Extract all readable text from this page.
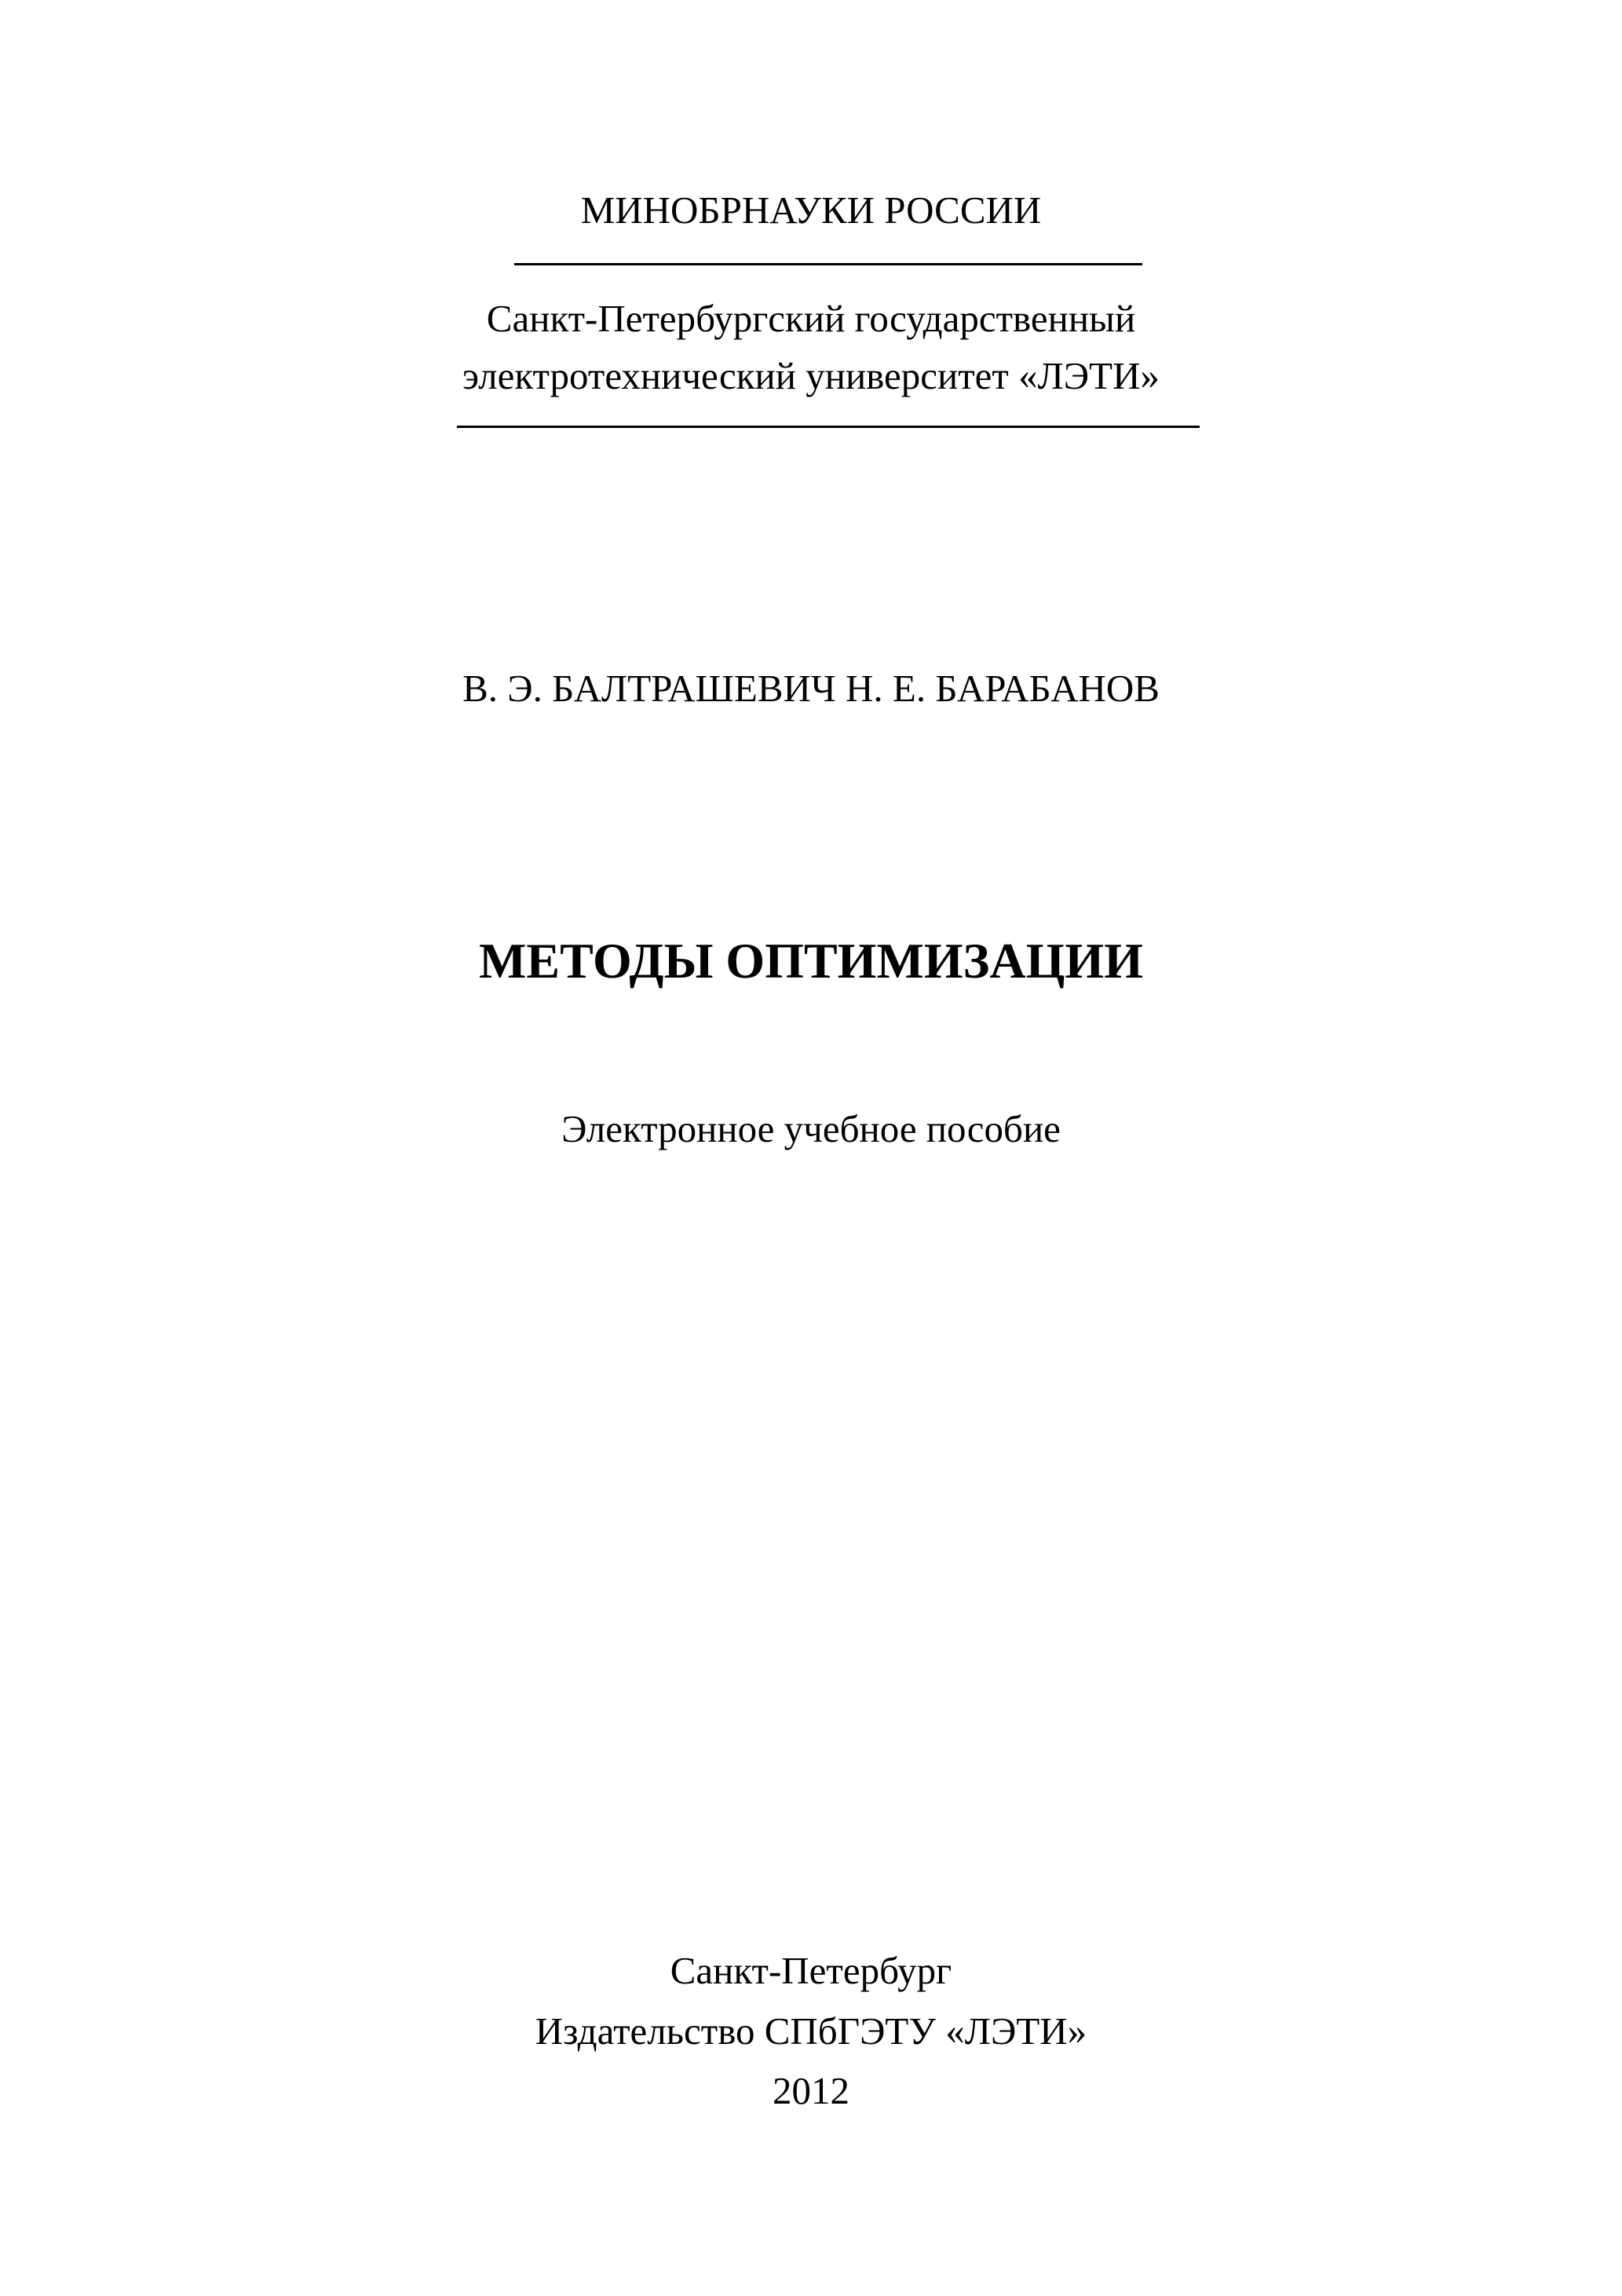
МИНОБРНАУКИ РОССИИ
Санкт-Петербургский государственный
электротехнический университет «ЛЭТИ»
В. Э. БАЛТРАШЕВИЧ Н. Е. БАРАБАНОВ
МЕТОДЫ ОПТИМИЗАЦИИ
Электронное учебное пособие
Санкт-Петербург
Издательство СПбГЭТУ «ЛЭТИ»
2012
